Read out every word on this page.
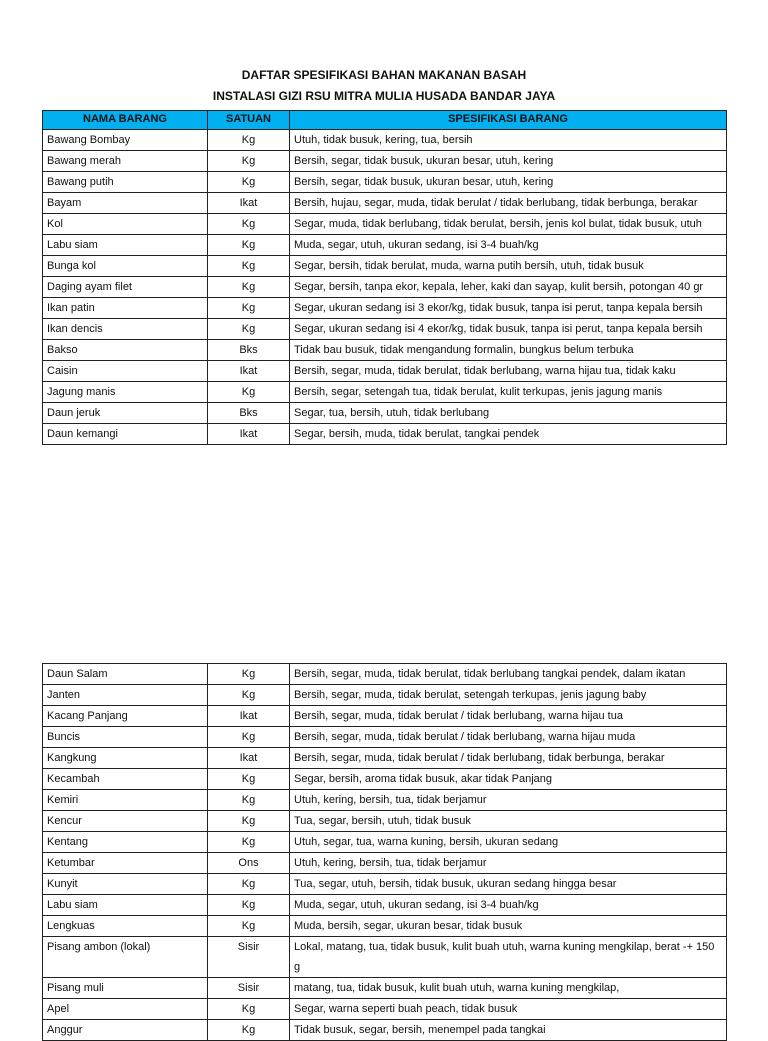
DAFTAR SPESIFIKASI BAHAN MAKANAN BASAH
INSTALASI GIZI RSU MITRA MULIA HUSADA BANDAR JAYA
NAMA BARANG	SATUAN	SPESIFIKASI BARANG
Bawang Bombay	Kg	Utuh, tidak busuk, kering, tua, bersih
Bawang merah	Kg	Bersih, segar, tidak busuk, ukuran besar, utuh, kering
Bawang putih	Kg	Bersih, segar, tidak busuk, ukuran besar, utuh, kering
Bayam	Ikat	Bersih, hujau, segar, muda, tidak berulat / tidak berlubang, tidak berbunga, berakar
Kol	Kg	Segar, muda, tidak berlubang, tidak berulat, bersih, jenis kol bulat, tidak busuk, utuh
Labu siam	Kg	Muda, segar, utuh, ukuran sedang, isi 3-4 buah/kg
Bunga kol	Kg	Segar, bersih, tidak berulat, muda, warna putih bersih, utuh, tidak busuk
Daging ayam filet	Kg	Segar, bersih, tanpa ekor, kepala, leher, kaki dan sayap, kulit bersih, potongan 40 gr
Ikan patin	Kg	Segar, ukuran sedang isi 3 ekor/kg, tidak busuk, tanpa isi perut, tanpa kepala bersih
Ikan dencis	Kg	Segar, ukuran sedang isi 4 ekor/kg, tidak busuk, tanpa isi perut, tanpa kepala bersih
Bakso	Bks	Tidak bau busuk, tidak mengandung formalin, bungkus belum terbuka
Caisin	Ikat	Bersih, segar, muda, tidak berulat, tidak berlubang, warna hijau tua, tidak kaku
Jagung manis	Kg	Bersih, segar, setengah tua, tidak berulat, kulit terkupas, jenis jagung manis
Daun jeruk	Bks	Segar, tua, bersih, utuh, tidak berlubang
Daun kemangi	Ikat	Segar, bersih, muda, tidak berulat, tangkai pendek
Daun Salam	Kg	Bersih, segar, muda, tidak berulat, tidak berlubang tangkai pendek, dalam ikatan
Janten	Kg	Bersih, segar, muda, tidak berulat, setengah terkupas, jenis jagung baby
Kacang Panjang	Ikat	Bersih, segar, muda, tidak berulat / tidak berlubang, warna hijau tua
Buncis	Kg	Bersih, segar, muda, tidak berulat / tidak berlubang, warna hijau muda
Kangkung	Ikat	Bersih, segar, muda, tidak berulat / tidak berlubang, tidak berbunga, berakar
Kecambah	Kg	Segar, bersih, aroma tidak busuk, akar tidak Panjang
Kemiri	Kg	Utuh, kering, bersih, tua, tidak berjamur
Kencur	Kg	Tua, segar, bersih, utuh, tidak busuk
Kentang	Kg	Utuh, segar, tua, warna kuning, bersih, ukuran sedang
Ketumbar	Ons	Utuh, kering, bersih, tua, tidak berjamur
Kunyit	Kg	Tua, segar, utuh, bersih, tidak busuk, ukuran sedang hingga besar
Labu siam	Kg	Muda, segar, utuh, ukuran sedang, isi 3-4 buah/kg
Lengkuas	Kg	Muda, bersih, segar, ukuran besar, tidak busuk
Pisang ambon (lokal)	Sisir	Lokal, matang, tua, tidak busuk, kulit buah utuh, warna kuning mengkilap, berat -+ 150 g
Pisang muli	Sisir	matang, tua, tidak busuk, kulit buah utuh, warna kuning mengkilap,
Apel	Kg	Segar, warna seperti buah peach, tidak busuk
Anggur	Kg	Tidak busuk, segar, bersih, menempel pada tangkai
